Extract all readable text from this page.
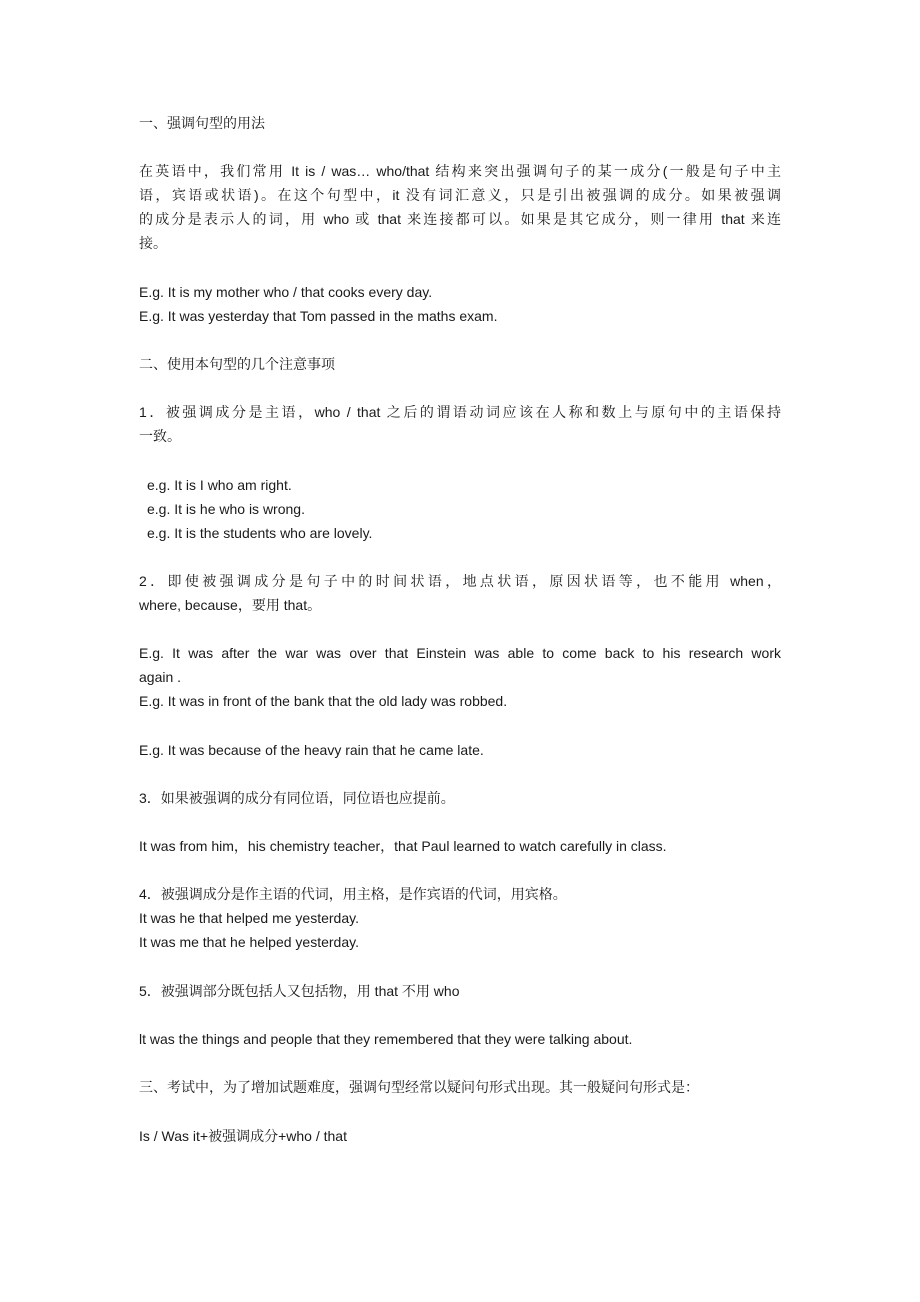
一、强调句型的用法
在英语中，我们常用 It is / was… who/that 结构来突出强调句子的某一成分(一般是句子中主
语，宾语或状语)。在这个句型中，it 没有词汇意义，只是引出被强调的成分。如果被强调
的成分是表示人的词，用 who 或 that 来连接都可以。如果是其它成分，则一律用 that 来连
接。
E.g. It is my mother who / that cooks every day.
E.g. It was yesterday that Tom passed in the maths exam.
二、使用本句型的几个注意事项
1．被强调成分是主语，who / that 之后的谓语动词应该在人称和数上与原句中的主语保持
一致。
e.g. It is I who am right.
e.g. It is he who is wrong.
e.g. It is the students who are lovely.
2．即使被强调成分是句子中的时间状语，地点状语，原因状语等，也不能用 when，
where, because，要用 that。
E.g. It was after the war was over that Einstein was able to come back to his research work
again .
E.g. It was in front of the bank that the old lady was robbed.
E.g. It was because of the heavy rain that he came late.
3．如果被强调的成分有同位语，同位语也应提前。
It was from him，his chemistry teacher，that Paul learned to watch carefully in class.
4．被强调成分是作主语的代词，用主格，是作宾语的代词，用宾格。
It was he that helped me yesterday.
It was me that he helped yesterday.
5．被强调部分既包括人又包括物，用 that 不用 who
lt was the things and people that they remembered that they were talking about.
三、考试中，为了增加试题难度，强调句型经常以疑问句形式出现。其一般疑问句形式是：
Is / Was it+被强调成分+who / that
